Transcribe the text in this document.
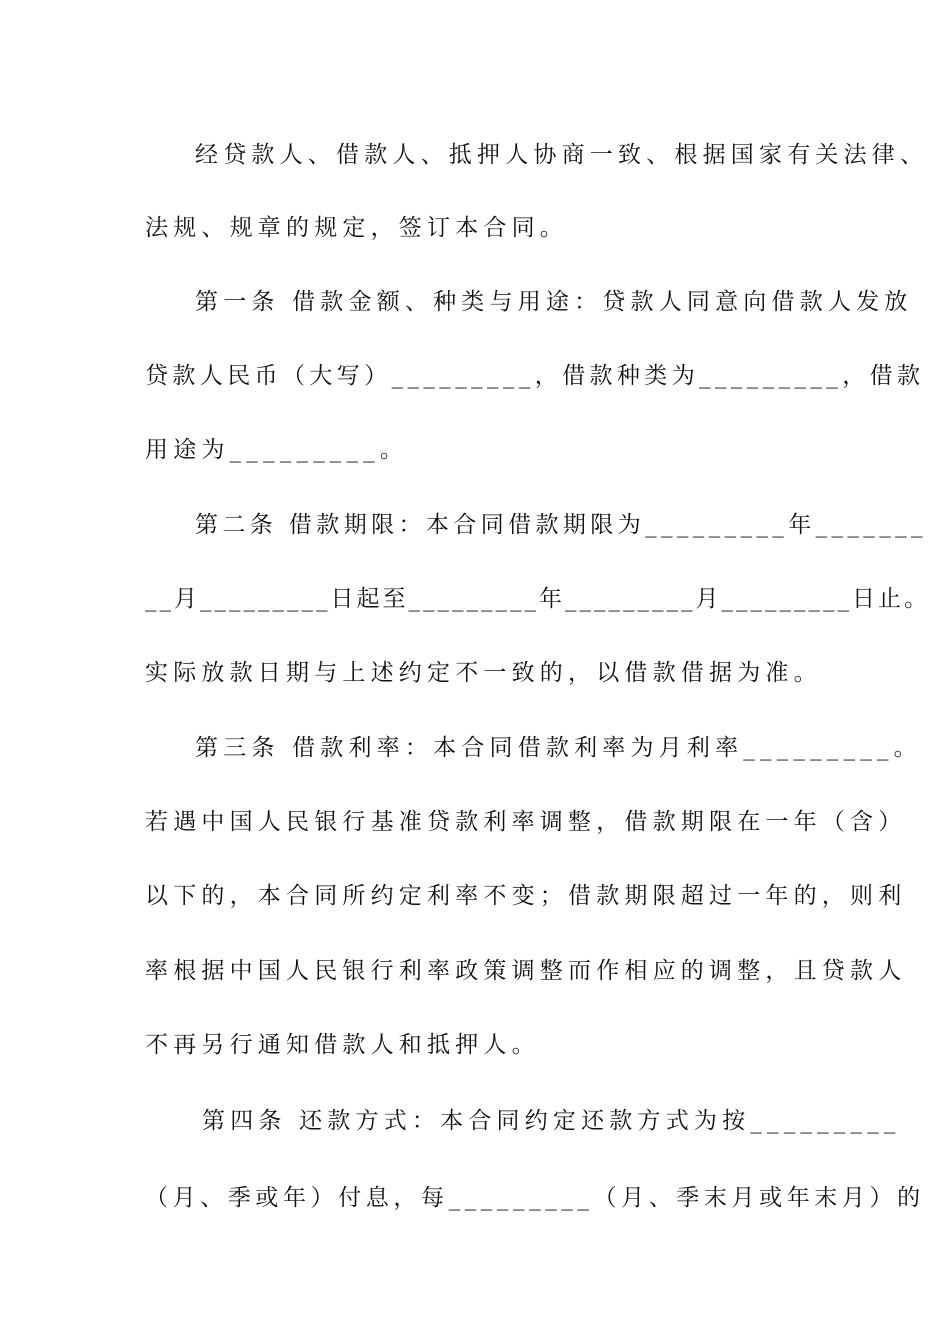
经贷款人、借款人、抵押人协商一致、根据国家有关法律、
法规、规章的规定，签订本合同。
第一条 借款金额、种类与用途：贷款人同意向借款人发放
贷款人民币（大写）_________，借款种类为_________，借款
用途为_________。
第二条 借款期限：本合同借款期限为_________年_______
__月_________日起至_________年_________月_________日止。
实际放款日期与上述约定不一致的，以借款借据为准。
第三条 借款利率：本合同借款利率为月利率_________。
若遇中国人民银行基准贷款利率调整，借款期限在一年（含）
以下的，本合同所约定利率不变；借款期限超过一年的，则利
率根据中国人民银行利率政策调整而作相应的调整，且贷款人
不再另行通知借款人和抵押人。
第四条 还款方式：本合同约定还款方式为按_________
（月、季或年）付息，每_________（月、季末月或年末月）的
